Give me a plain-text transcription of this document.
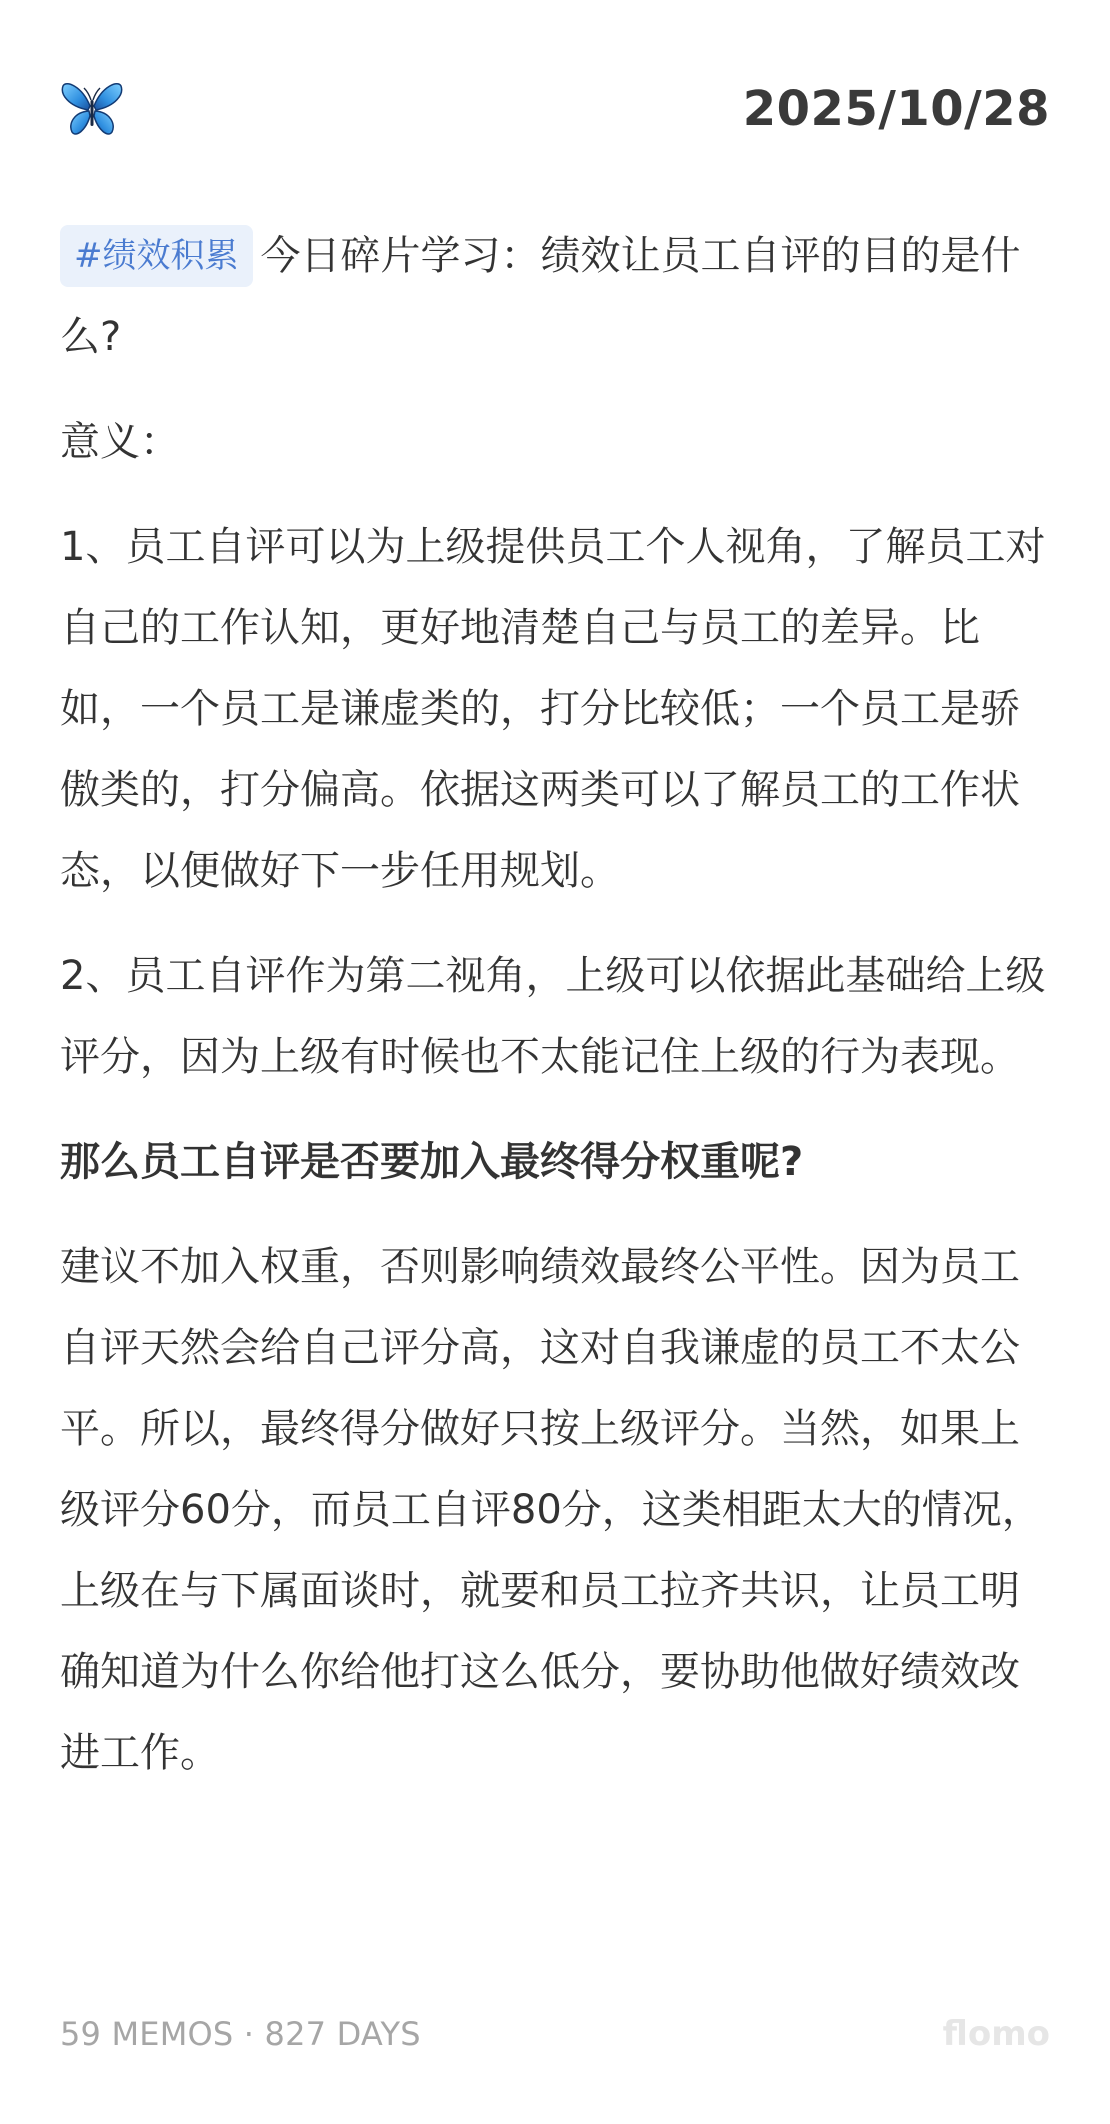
2025/10/28

#绩效积累 今日碎片学习：绩效让员工自评的目的是什么?

意义：

1、员工自评可以为上级提供员工个人视角，了解员工对自己的工作认知，更好地清楚自己与员工的差异。比如，一个员工是谦虚类的，打分比较低；一个员工是骄傲类的，打分偏高。依据这两类可以了解员工的工作状态，以便做好下一步任用规划。

2、员工自评作为第二视角，上级可以依据此基础给上级评分，因为上级有时候也不太能记住上级的行为表现。

那么员工自评是否要加入最终得分权重呢?

建议不加入权重，否则影响绩效最终公平性。因为员工自评天然会给自己评分高，这对自我谦虚的员工不太公平。所以，最终得分做好只按上级评分。当然，如果上级评分60分，而员工自评80分，这类相距太大的情况，上级在与下属面谈时，就要和员工拉齐共识，让员工明确知道为什么你给他打这么低分，要协助他做好绩效改进工作。

59 MEMOS · 827 DAYS	flomo
